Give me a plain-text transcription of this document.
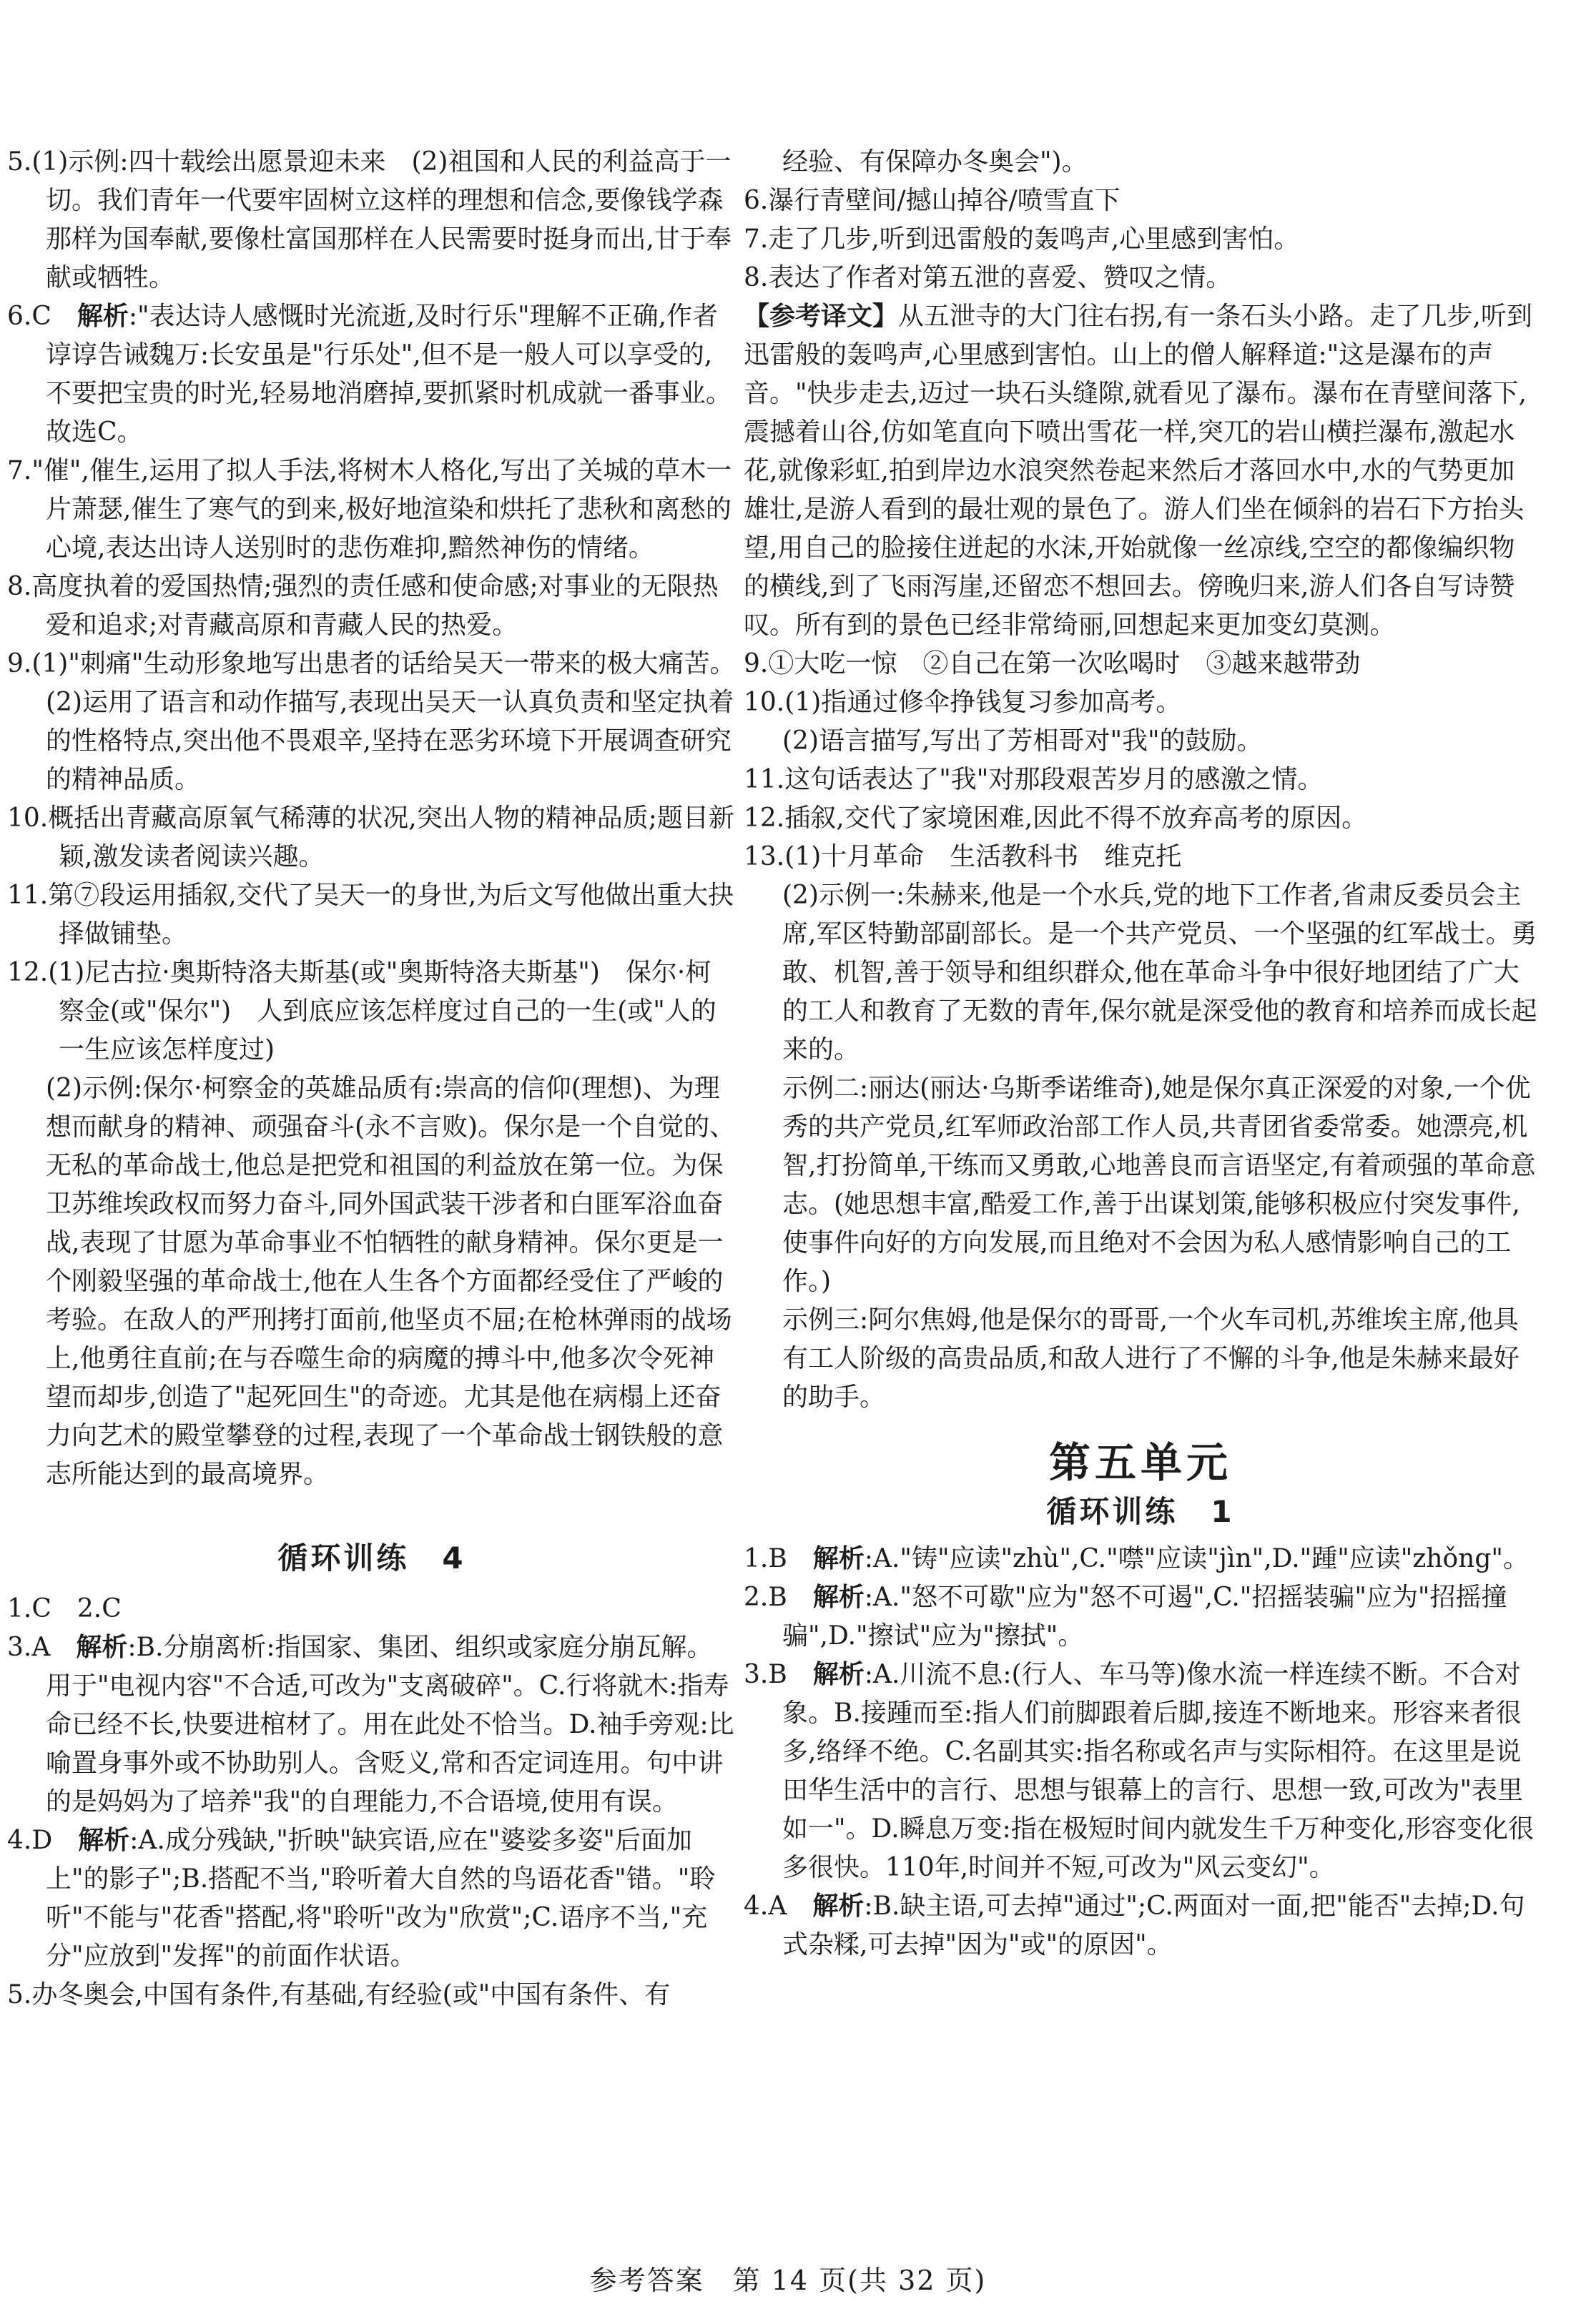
5.(1)示例:四十载绘出愿景迎未来　(2)祖国和人民的利益高于一切。我们青年一代要牢固树立这样的理想和信念,要像钱学森那样为国奉献,要像杜富国那样在人民需要时挺身而出,甘于奉献或牺牲。

6.C　解析:"表达诗人感慨时光流逝,及时行乐"理解不正确,作者谆谆告诫魏万:长安虽是"行乐处",但不是一般人可以享受的,不要把宝贵的时光,轻易地消磨掉,要抓紧时机成就一番事业。故选C。

7."催",催生,运用了拟人手法,将树木人格化,写出了关城的草木一片萧瑟,催生了寒气的到来,极好地渲染和烘托了悲秋和离愁的心境,表达出诗人送别时的悲伤难抑,黯然神伤的情绪。

8.高度执着的爱国热情;强烈的责任感和使命感;对事业的无限热爱和追求;对青藏高原和青藏人民的热爱。

9.(1)"刺痛"生动形象地写出患者的话给吴天一带来的极大痛苦。(2)运用了语言和动作描写,表现出吴天一认真负责和坚定执着的性格特点,突出他不畏艰辛,坚持在恶劣环境下开展调查研究的精神品质。

10.概括出青藏高原氧气稀薄的状况,突出人物的精神品质;题目新颖,激发读者阅读兴趣。

11.第⑦段运用插叙,交代了吴天一的身世,为后文写他做出重大抉择做铺垫。

12.(1)尼古拉·奥斯特洛夫斯基(或"奥斯特洛夫斯基")　保尔·柯察金(或"保尔")　人到底应该怎样度过自己的一生(或"人的一生应该怎样度过)

(2)示例:保尔·柯察金的英雄品质有:崇高的信仰(理想)、为理想而献身的精神、顽强奋斗(永不言败)。保尔是一个自觉的、无私的革命战士,他总是把党和祖国的利益放在第一位。为保卫苏维埃政权而努力奋斗,同外国武装干涉者和白匪军浴血奋战,表现了甘愿为革命事业不怕牺牲的献身精神。保尔更是一个刚毅坚强的革命战士,他在人生各个方面都经受住了严峻的考验。在敌人的严刑拷打面前,他坚贞不屈;在枪林弹雨的战场上,他勇往直前;在与吞噬生命的病魔的搏斗中,他多次令死神望而却步,创造了"起死回生"的奇迹。尤其是他在病榻上还奋力向艺术的殿堂攀登的过程,表现了一个革命战士钢铁般的意志所能达到的最高境界。

循环训练　4

1.C　2.C

3.A　解析:B.分崩离析:指国家、集团、组织或家庭分崩瓦解。用于"电视内容"不合适,可改为"支离破碎"。C.行将就木:指寿命已经不长,快要进棺材了。用在此处不恰当。D.袖手旁观:比喻置身事外或不协助别人。含贬义,常和否定词连用。句中讲的是妈妈为了培养"我"的自理能力,不合语境,使用有误。

4.D　解析:A.成分残缺,"折映"缺宾语,应在"婆娑多姿"后面加上"的影子";B.搭配不当,"聆听着大自然的鸟语花香"错。"聆听"不能与"花香"搭配,将"聆听"改为"欣赏";C.语序不当,"充分"应放到"发挥"的前面作状语。

5.办冬奥会,中国有条件,有基础,有经验(或"中国有条件、有

经验、有保障办冬奥会")。

6.瀑行青壁间/撼山掉谷/喷雪直下

7.走了几步,听到迅雷般的轰鸣声,心里感到害怕。

8.表达了作者对第五泄的喜爱、赞叹之情。

【参考译文】从五泄寺的大门往右拐,有一条石头小路。走了几步,听到迅雷般的轰鸣声,心里感到害怕。山上的僧人解释道:"这是瀑布的声音。"快步走去,迈过一块石头缝隙,就看见了瀑布。瀑布在青壁间落下,震撼着山谷,仿如笔直向下喷出雪花一样,突兀的岩山横拦瀑布,激起水花,就像彩虹,拍到岸边水浪突然卷起来然后才落回水中,水的气势更加雄壮,是游人看到的最壮观的景色了。游人们坐在倾斜的岩石下方抬头望,用自己的脸接住迸起的水沫,开始就像一丝凉线,空空的都像编织物的横线,到了飞雨泻崖,还留恋不想回去。傍晚归来,游人们各自写诗赞叹。所有到的景色已经非常绮丽,回想起来更加变幻莫测。

9.①大吃一惊　②自己在第一次吆喝时　③越来越带劲

10.(1)指通过修伞挣钱复习参加高考。

(2)语言描写,写出了芳相哥对"我"的鼓励。

11.这句话表达了"我"对那段艰苦岁月的感激之情。

12.插叙,交代了家境困难,因此不得不放弃高考的原因。

13.(1)十月革命　生活教科书　维克托

(2)示例一:朱赫来,他是一个水兵,党的地下工作者,省肃反委员会主席,军区特勤部副部长。是一个共产党员、一个坚强的红军战士。勇敢、机智,善于领导和组织群众,他在革命斗争中很好地团结了广大的工人和教育了无数的青年,保尔就是深受他的教育和培养而成长起来的。

示例二:丽达(丽达·乌斯季诺维奇),她是保尔真正深爱的对象,一个优秀的共产党员,红军师政治部工作人员,共青团省委常委。她漂亮,机智,打扮简单,干练而又勇敢,心地善良而言语坚定,有着顽强的革命意志。(她思想丰富,酷爱工作,善于出谋划策,能够积极应付突发事件,使事件向好的方向发展,而且绝对不会因为私人感情影响自己的工作。)

示例三:阿尔焦姆,他是保尔的哥哥,一个火车司机,苏维埃主席,他具有工人阶级的高贵品质,和敌人进行了不懈的斗争,他是朱赫来最好的助手。

第五单元
循环训练　1

1.B　解析:A."铸"应读"zhù",C."噤"应读"jìn",D."踵"应读"zhǒng"。

2.B　解析:A."怒不可歇"应为"怒不可遏",C."招摇装骗"应为"招摇撞骗",D."擦试"应为"擦拭"。

3.B　解析:A.川流不息:(行人、车马等)像水流一样连续不断。不合对象。B.接踵而至:指人们前脚跟着后脚,接连不断地来。形容来者很多,络绎不绝。C.名副其实:指名称或名声与实际相符。在这里是说田华生活中的言行、思想与银幕上的言行、思想一致,可改为"表里如一"。D.瞬息万变:指在极短时间内就发生千万种变化,形容变化很多很快。110年,时间并不短,可改为"风云变幻"。

4.A　解析:B.缺主语,可去掉"通过";C.两面对一面,把"能否"去掉;D.句式杂糅,可去掉"因为"或"的原因"。

参考答案　第 14 页(共 32 页)
